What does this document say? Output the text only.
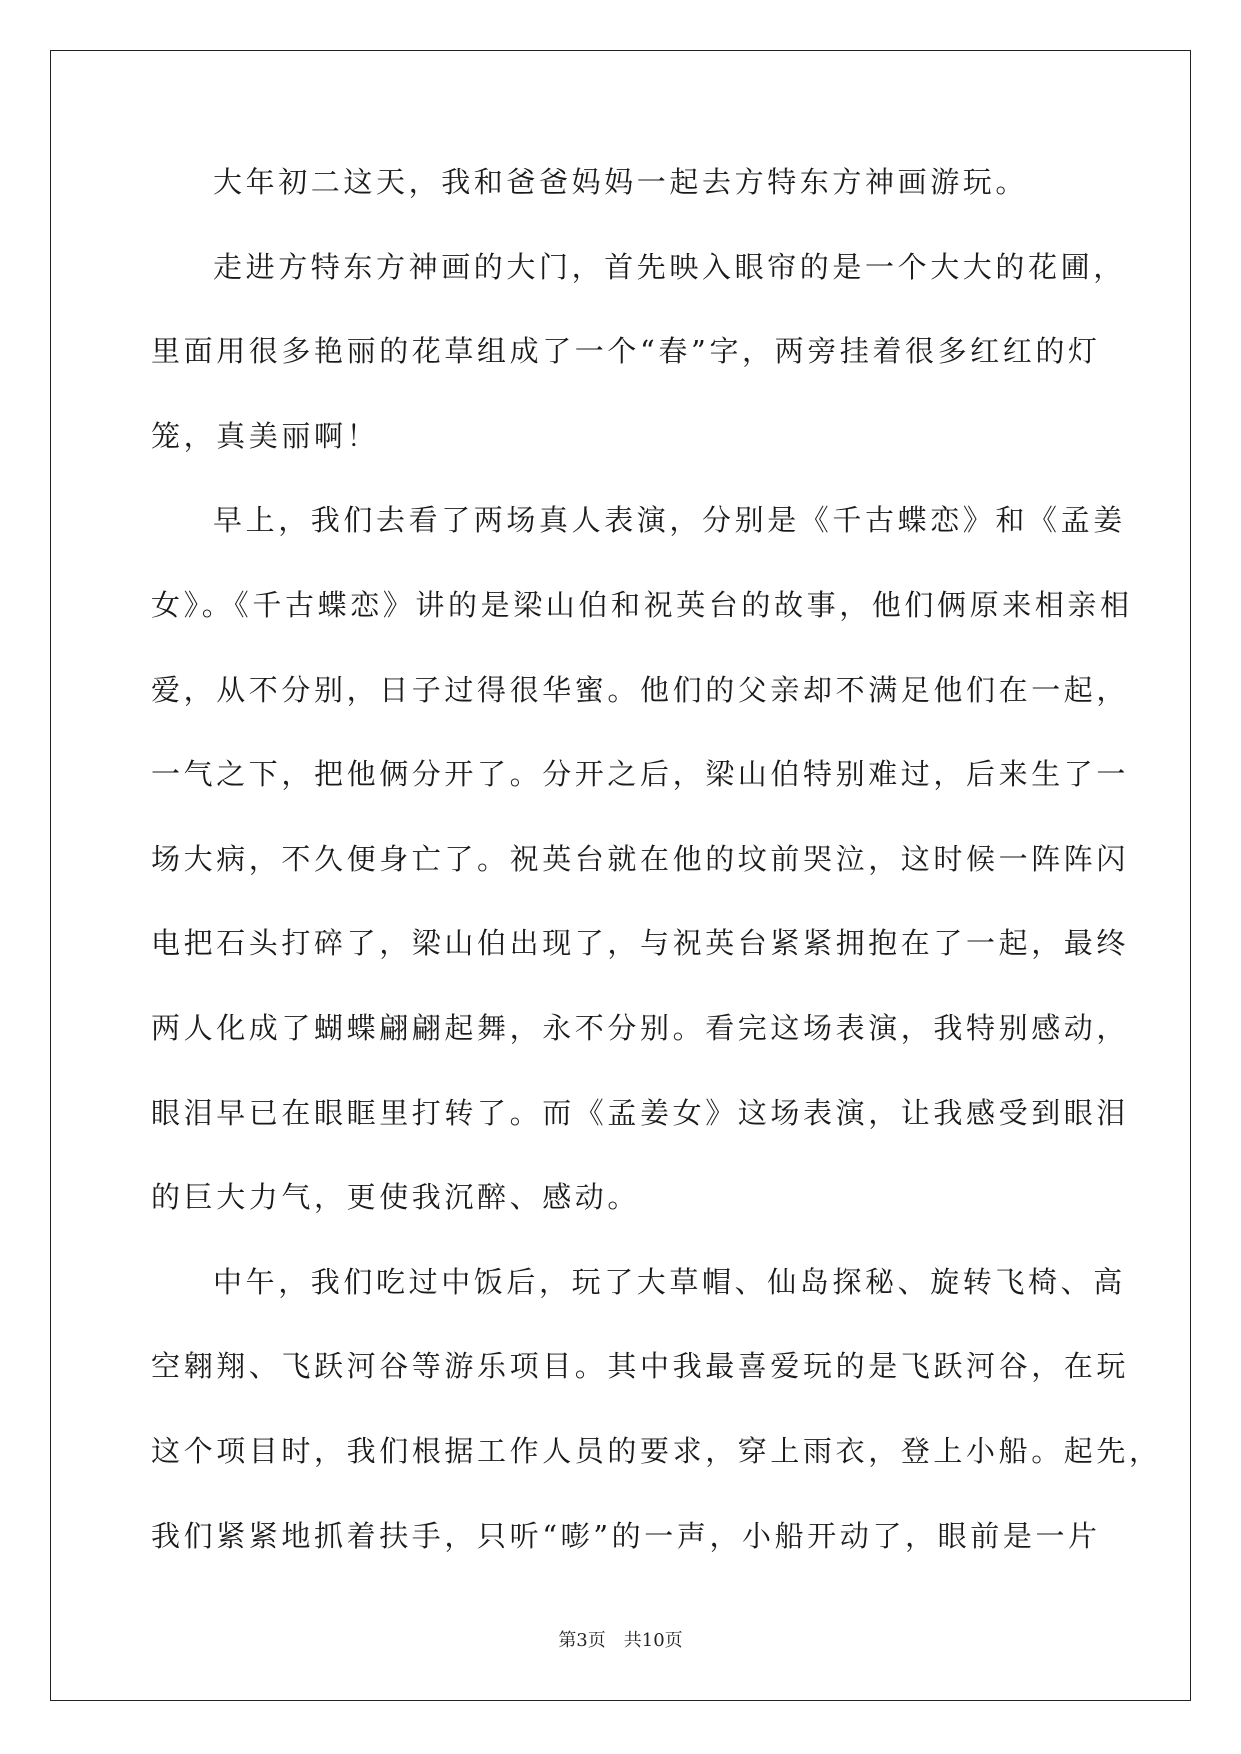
大年初二这天，我和爸爸妈妈一起去方特东方神画游玩。
走进方特东方神画的大门，首先映入眼帘的是一个大大的花圃，
里面用很多艳丽的花草组成了一个“春”字，两旁挂着很多红红的灯
笼，真美丽啊！
早上，我们去看了两场真人表演，分别是《千古蝶恋》和《孟姜
女》。《千古蝶恋》讲的是梁山伯和祝英台的故事，他们俩原来相亲相
爱，从不分别，日子过得很华蜜。他们的父亲却不满足他们在一起，
一气之下，把他俩分开了。分开之后，梁山伯特别难过，后来生了一
场大病，不久便身亡了。祝英台就在他的坟前哭泣，这时候一阵阵闪
电把石头打碎了，梁山伯出现了，与祝英台紧紧拥抱在了一起，最终
两人化成了蝴蝶翩翩起舞，永不分别。看完这场表演，我特别感动，
眼泪早已在眼眶里打转了。而《孟姜女》这场表演，让我感受到眼泪
的巨大力气，更使我沉醉、感动。
中午，我们吃过中饭后，玩了大草帽、仙岛探秘、旋转飞椅、高
空翱翔、飞跃河谷等游乐项目。其中我最喜爱玩的是飞跃河谷，在玩
这个项目时，我们根据工作人员的要求，穿上雨衣，登上小船。起先，
我们紧紧地抓着扶手，只听“嘭”的一声，小船开动了，眼前是一片
第3页　共10页
